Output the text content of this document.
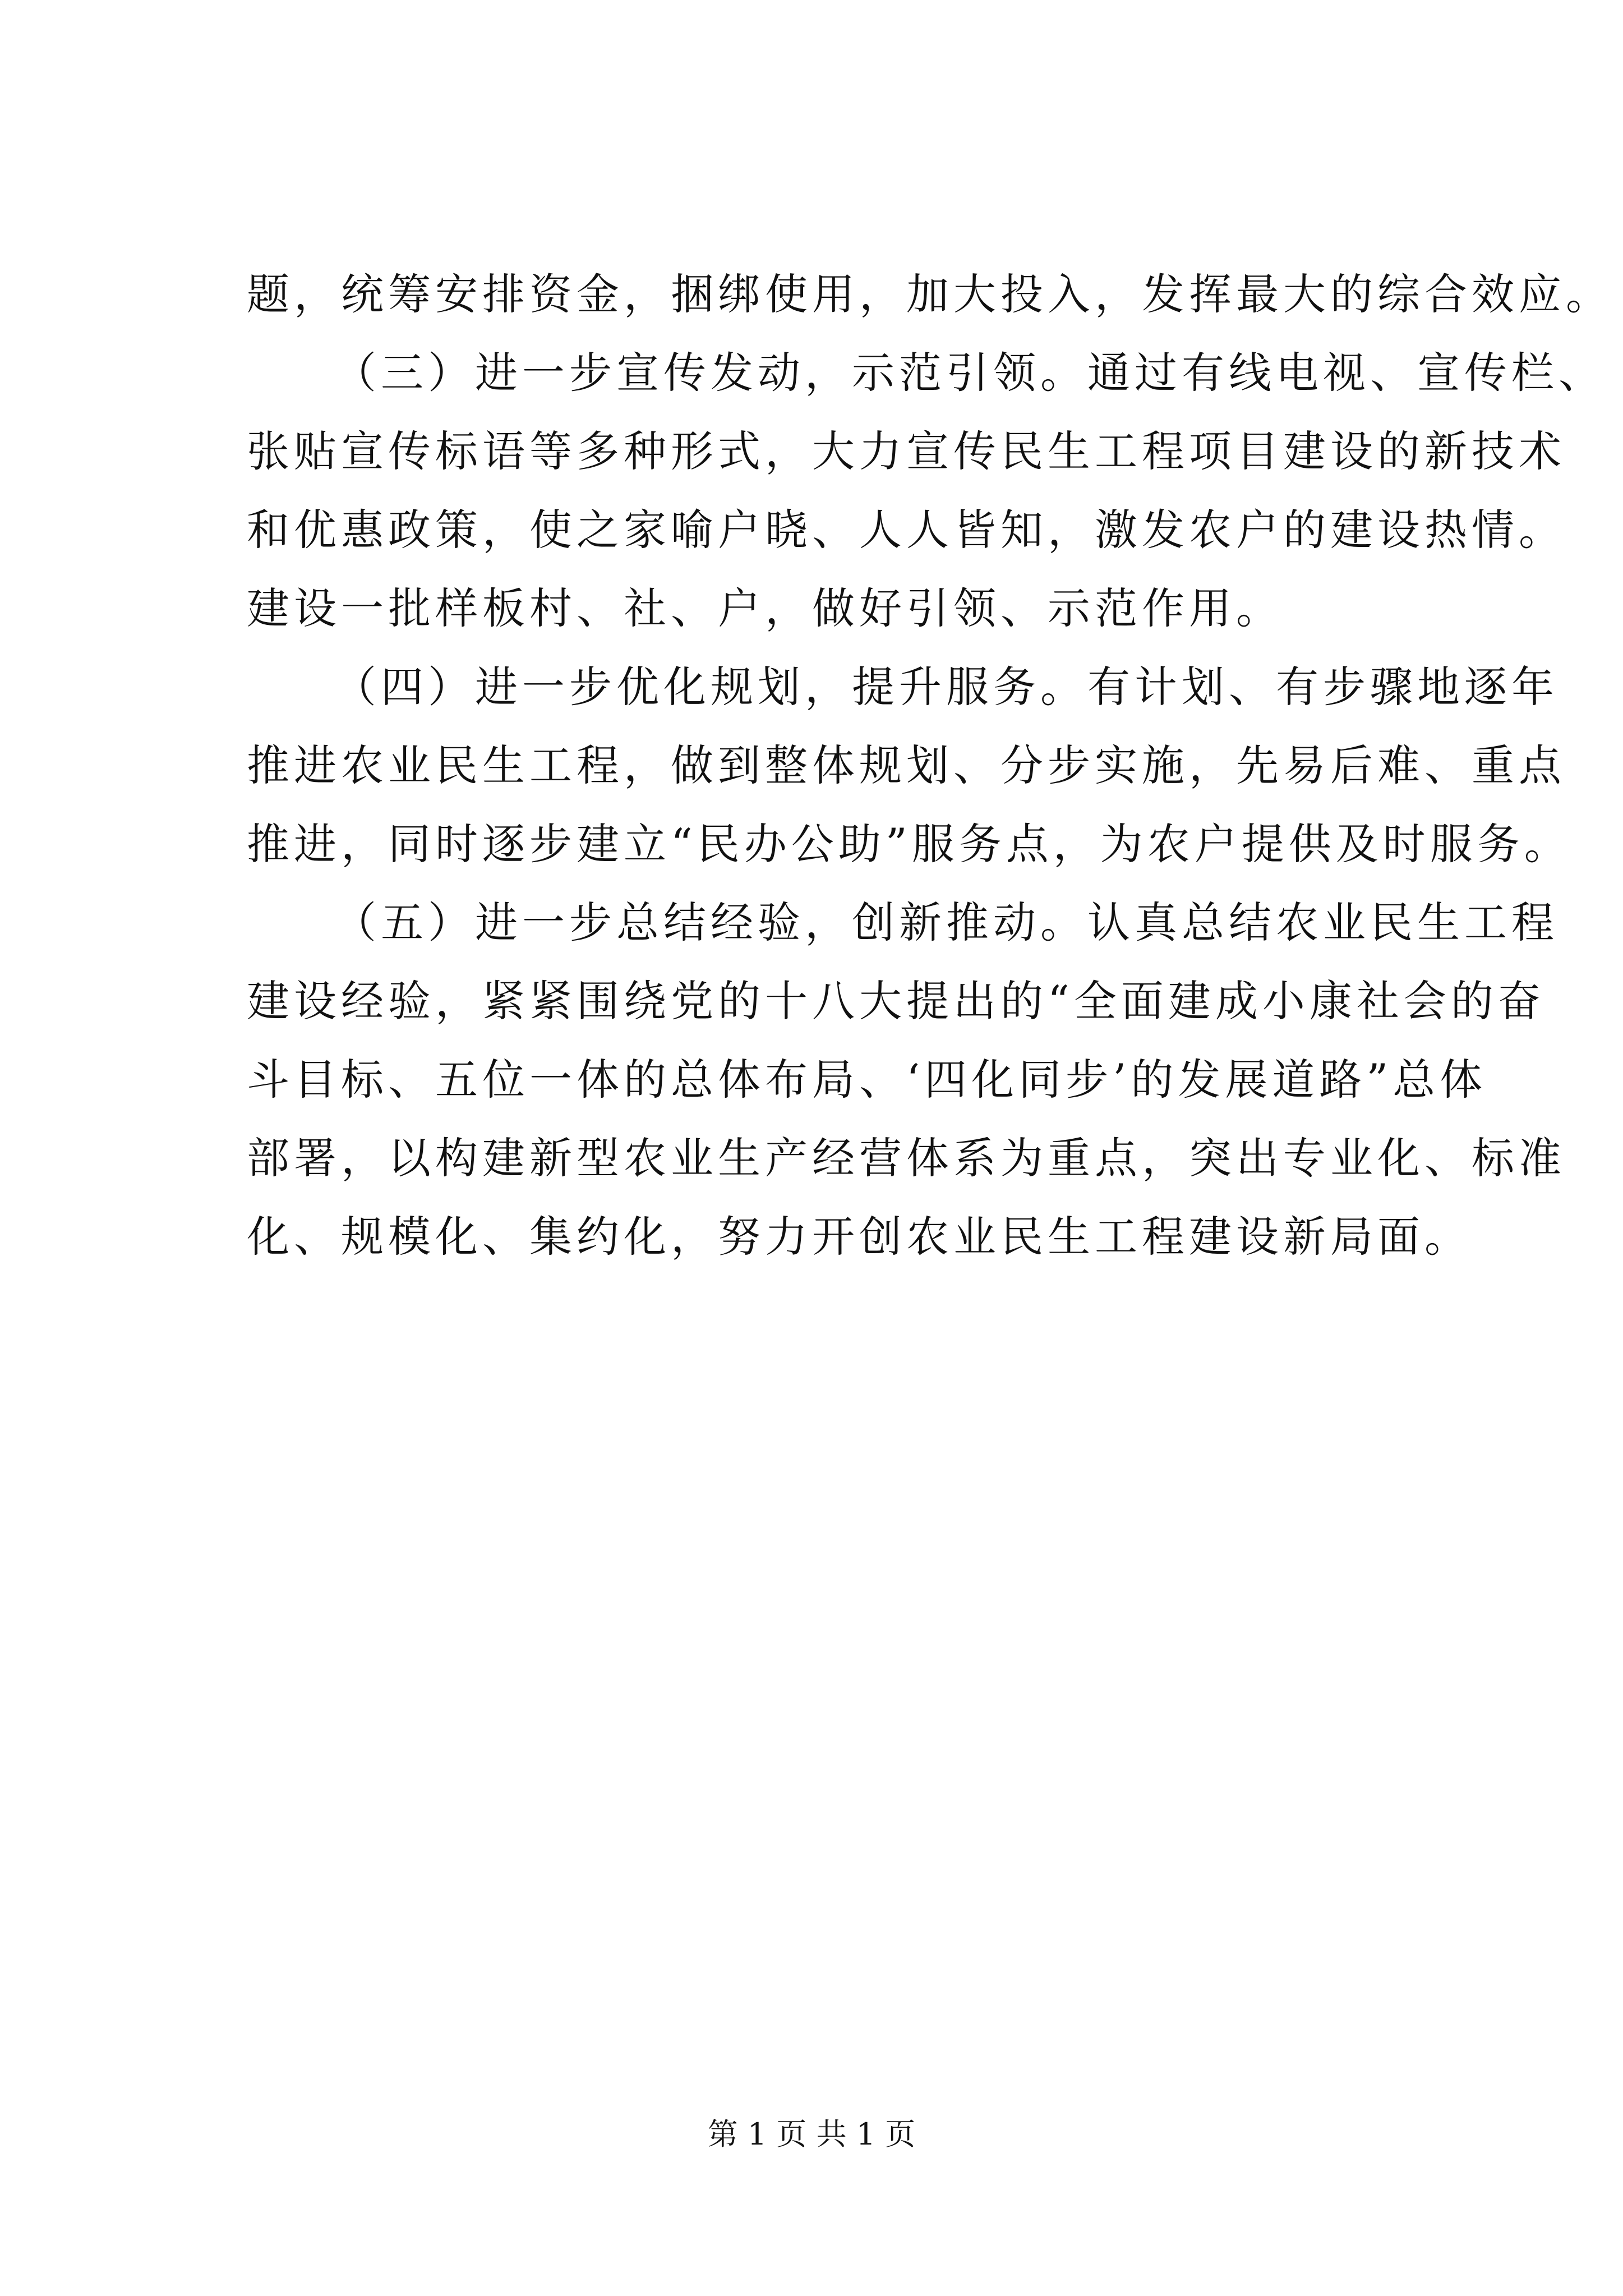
题，统筹安排资金，捆绑使用，加大投入，发挥最大的综合效应。
（三）进一步宣传发动，示范引领。通过有线电视、宣传栏、
张贴宣传标语等多种形式，大力宣传民生工程项目建设的新技术
和优惠政策，使之家喻户晓、人人皆知，激发农户的建设热情。
建设一批样板村、社、户，做好引领、示范作用。
（四）进一步优化规划，提升服务。有计划、有步骤地逐年
推进农业民生工程，做到整体规划、分步实施，先易后难、重点
推进，同时逐步建立“民办公助”服务点，为农户提供及时服务。
（五）进一步总结经验，创新推动。认真总结农业民生工程
建设经验，紧紧围绕党的十八大提出的“全面建成小康社会的奋
斗目标、五位一体的总体布局、‘四化同步’的发展道路”总体
部署，以构建新型农业生产经营体系为重点，突出专业化、标准
化、规模化、集约化，努力开创农业民生工程建设新局面。
第 1 页 共 1 页
